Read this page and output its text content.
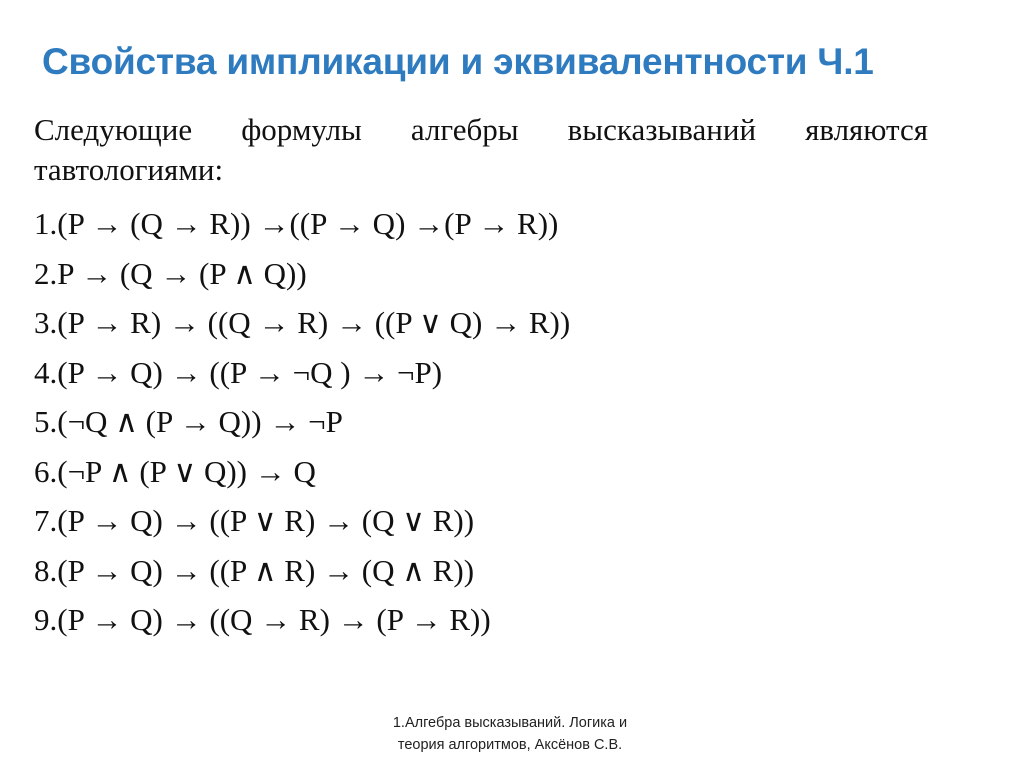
Свойства импликации и эквивалентности Ч.1

Следующие формулы алгебры высказываний являются тавтологиями:

1.(P → (Q → R)) →((P → Q) →(P → R))
2.P → (Q → (P ∧ Q))
3.(P → R) → ((Q → R) → ((P ∨ Q) → R))
4.(P → Q) → ((P → ¬Q ) → ¬P)
5.(¬Q ∧ (P → Q)) → ¬P
6.(¬P ∧ (P ∨ Q)) → Q
7.(P → Q) → ((P ∨ R) → (Q ∨ R))
8.(P → Q) → ((P ∧ R) → (Q ∧ R))
9.(P → Q) → ((Q → R) → (P → R))
1.Алгебра высказываний. Логика и
теория алгоритмов, Аксёнов С.В.
